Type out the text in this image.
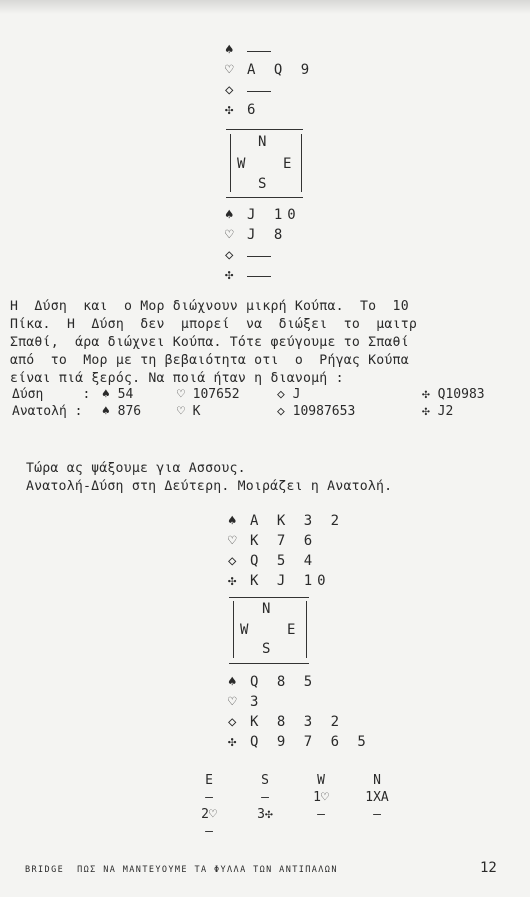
♠
♡ A Q 9
◇
✣ 6
N
W	E
S
♠ J 10
♡ J 8
◇
✣
Η  Δύση  και  ο Μορ διώχνουν μικρή Κούπα.  Το  10
Πίκα.  Η  Δύση  δεν  μπορεί  να  διώξει  το  μαιτρ
Σπαθί,  άρα διώχνει Κούπα. Τότε φεύγουμε το Σπαθί
από  το  Μορ με τη βεβαιότητα οτι  ο  Ρήγας Κούπα
είναι πιά ξερός. Να ποιά ήταν η διανομή :
Δύση     : ♠ 54	♡ 107652	◇ J	✣ Q10983
Ανατολή :	♠ 876	♡ K	◇ 10987653	✣ J2
Τώρα ας ψάξουμε για Ασσους.
Ανατολή-Δύση στη Δεύτερη. Μοιράζει η Ανατολή.
♠ A K 3 2
♡ K 7 6
◇ Q 5 4
✣ K J 10
N
W	E
S
♠ Q 8 5
♡ 3
◇ K 8 3 2
✣ Q 9 7 6 5
E	S	W	N
—	—	1♡	1XA
2♡	3✣	—	—
—
BRIDGE  ΠΩΣ ΝΑ ΜΑΝΤΕΥΟΥΜΕ ΤΑ ΦΥΛΛΑ ΤΩΝ ΑΝΤΙΠΑΛΩΝ	12
